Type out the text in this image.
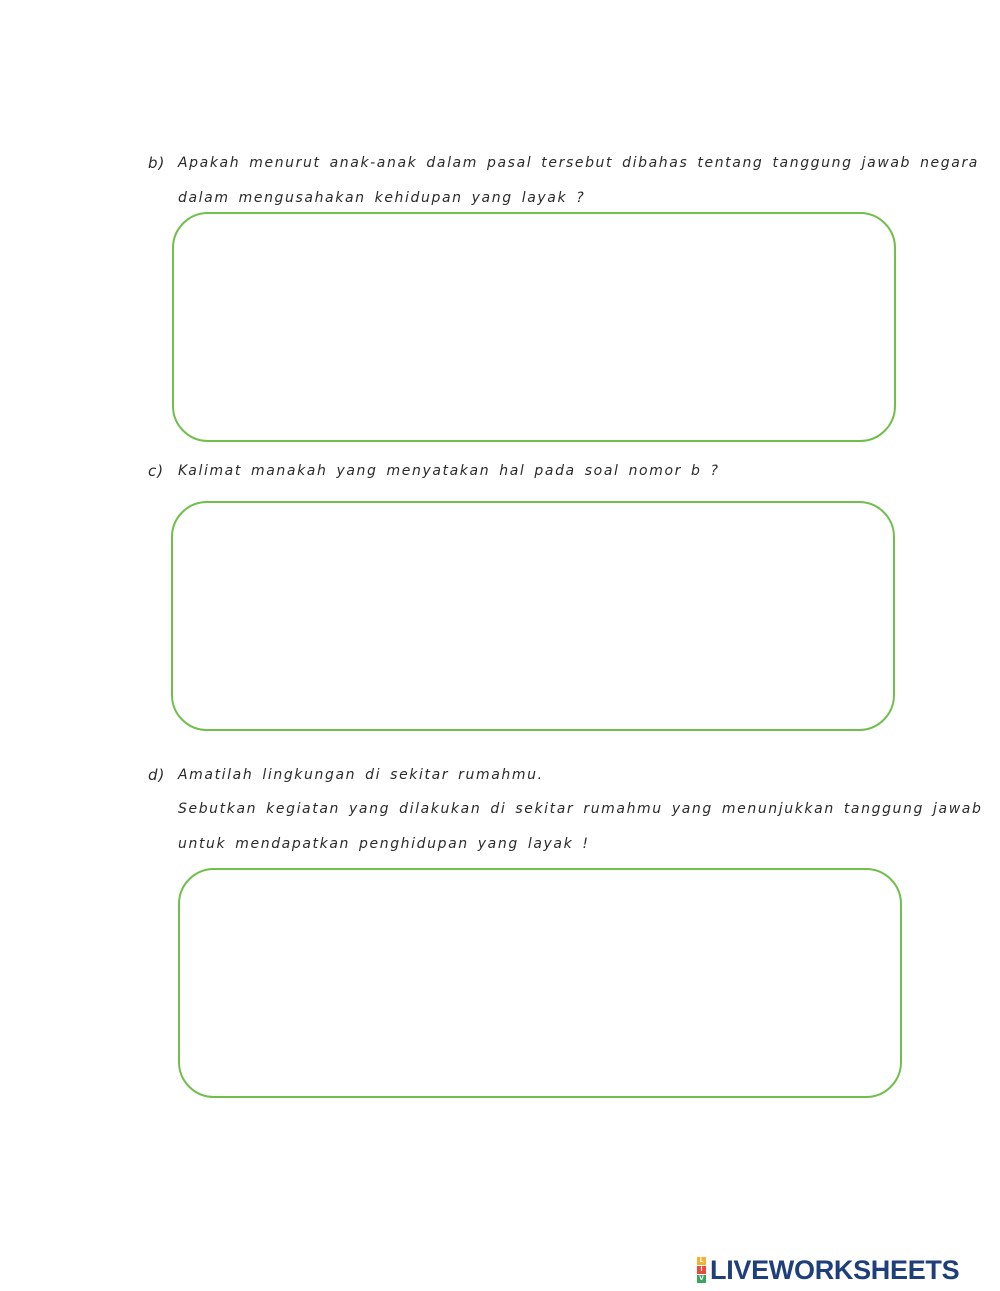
b) Apakah menurut anak-anak dalam pasal tersebut dibahas tentang tanggung jawab negara
dalam mengusahakan kehidupan yang layak ?
c) Kalimat manakah yang menyatakan hal pada soal nomor b ?
d) Amatilah lingkungan di sekitar rumahmu.
Sebutkan kegiatan yang dilakukan di sekitar rumahmu yang menunjukkan tanggung jawab
untuk mendapatkan penghidupan yang layak !
L
I
V LIVEWORKSHEETS
